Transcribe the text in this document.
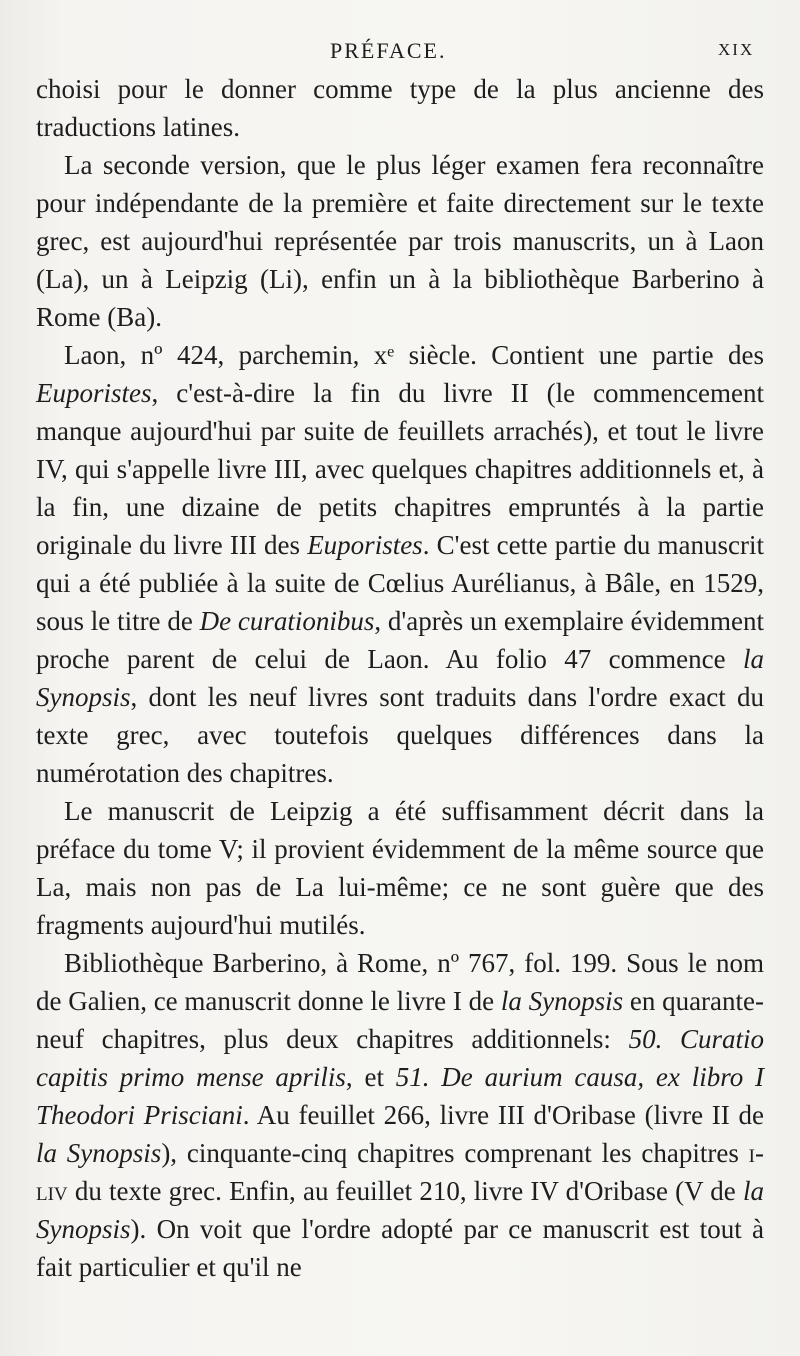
PRÉFACE.	XIX

choisi pour le donner comme type de la plus ancienne des traductions latines.

La seconde version, que le plus léger examen fera reconnaître pour indépendante de la première et faite directement sur le texte grec, est aujourd'hui représentée par trois manuscrits, un à Laon (La), un à Leipzig (Li), enfin un à la bibliothèque Barberino à Rome (Ba).

Laon, nº 424, parchemin, xᵉ siècle. Contient une partie des Euporistes, c'est-à-dire la fin du livre II (le commencement manque aujourd'hui par suite de feuillets arrachés), et tout le livre IV, qui s'appelle livre III, avec quelques chapitres additionnels et, à la fin, une dizaine de petits chapitres empruntés à la partie originale du livre III des Euporistes. C'est cette partie du manuscrit qui a été publiée à la suite de Cœlius Aurélianus, à Bâle, en 1529, sous le titre de De curationibus, d'après un exemplaire évidemment proche parent de celui de Laon. Au folio 47 commence la Synopsis, dont les neuf livres sont traduits dans l'ordre exact du texte grec, avec toutefois quelques différences dans la numérotation des chapitres.

Le manuscrit de Leipzig a été suffisamment décrit dans la préface du tome V; il provient évidemment de la même source que La, mais non pas de La lui-même; ce ne sont guère que des fragments aujourd'hui mutilés.

Bibliothèque Barberino, à Rome, nº 767, fol. 199. Sous le nom de Galien, ce manuscrit donne le livre I de la Synopsis en quarante-neuf chapitres, plus deux chapitres additionnels: 50. Curatio capitis primo mense aprilis, et 51. De aurium causa, ex libro I Theodori Prisciani. Au feuillet 266, livre III d'Oribase (livre II de la Synopsis), cinquante-cinq chapitres comprenant les chapitres i-liv du texte grec. Enfin, au feuillet 210, livre IV d'Oribase (V de la Synopsis). On voit que l'ordre adopté par ce manuscrit est tout à fait particulier et qu'il ne
